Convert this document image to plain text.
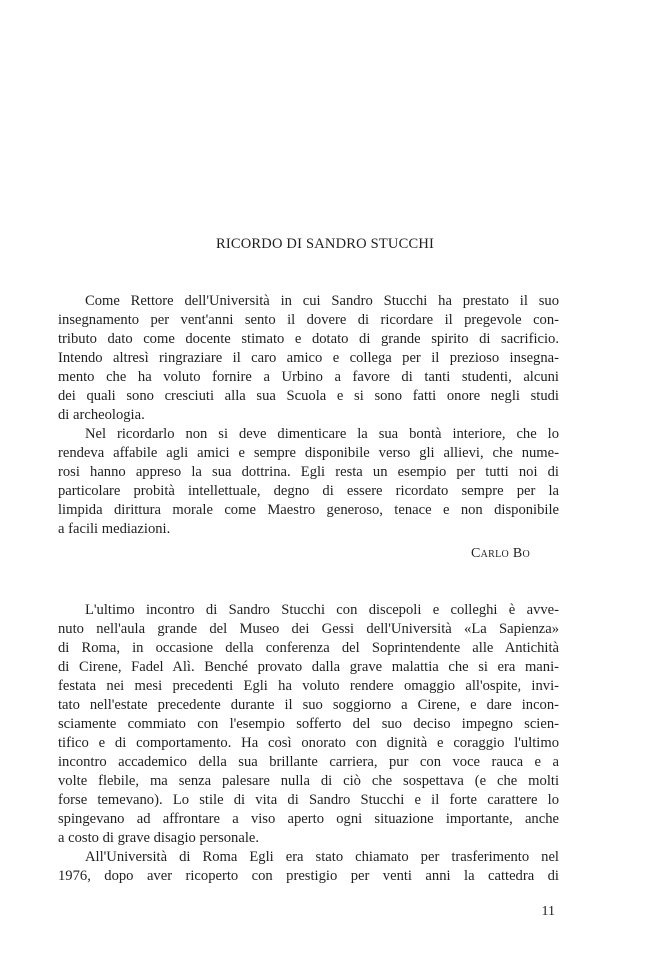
RICORDO DI SANDRO STUCCHI
Come Rettore dell'Università in cui Sandro Stucchi ha prestato il suo
insegnamento per vent'anni sento il dovere di ricordare il pregevole con-
tributo dato come docente stimato e dotato di grande spirito di sacrificio.
Intendo altresì ringraziare il caro amico e collega per il prezioso insegna-
mento che ha voluto fornire a Urbino a favore di tanti studenti, alcuni
dei quali sono cresciuti alla sua Scuola e si sono fatti onore negli studi
di archeologia.
Nel ricordarlo non si deve dimenticare la sua bontà interiore, che lo
rendeva affabile agli amici e sempre disponibile verso gli allievi, che nume-
rosi hanno appreso la sua dottrina. Egli resta un esempio per tutti noi di
particolare probità intellettuale, degno di essere ricordato sempre per la
limpida dirittura morale come Maestro generoso, tenace e non disponibile
a facili mediazioni.
Carlo Bo
L'ultimo incontro di Sandro Stucchi con discepoli e colleghi è avve-
nuto nell'aula grande del Museo dei Gessi dell'Università «La Sapienza»
di Roma, in occasione della conferenza del Soprintendente alle Antichità
di Cirene, Fadel Alì. Benché provato dalla grave malattia che si era mani-
festata nei mesi precedenti Egli ha voluto rendere omaggio all'ospite, invi-
tato nell'estate precedente durante il suo soggiorno a Cirene, e dare incon-
sciamente commiato con l'esempio sofferto del suo deciso impegno scien-
tifico e di comportamento. Ha così onorato con dignità e coraggio l'ultimo
incontro accademico della sua brillante carriera, pur con voce rauca e a
volte flebile, ma senza palesare nulla di ciò che sospettava (e che molti
forse temevano). Lo stile di vita di Sandro Stucchi e il forte carattere lo
spingevano ad affrontare a viso aperto ogni situazione importante, anche
a costo di grave disagio personale.
All'Università di Roma Egli era stato chiamato per trasferimento nel
1976, dopo aver ricoperto con prestigio per venti anni la cattedra di
11
